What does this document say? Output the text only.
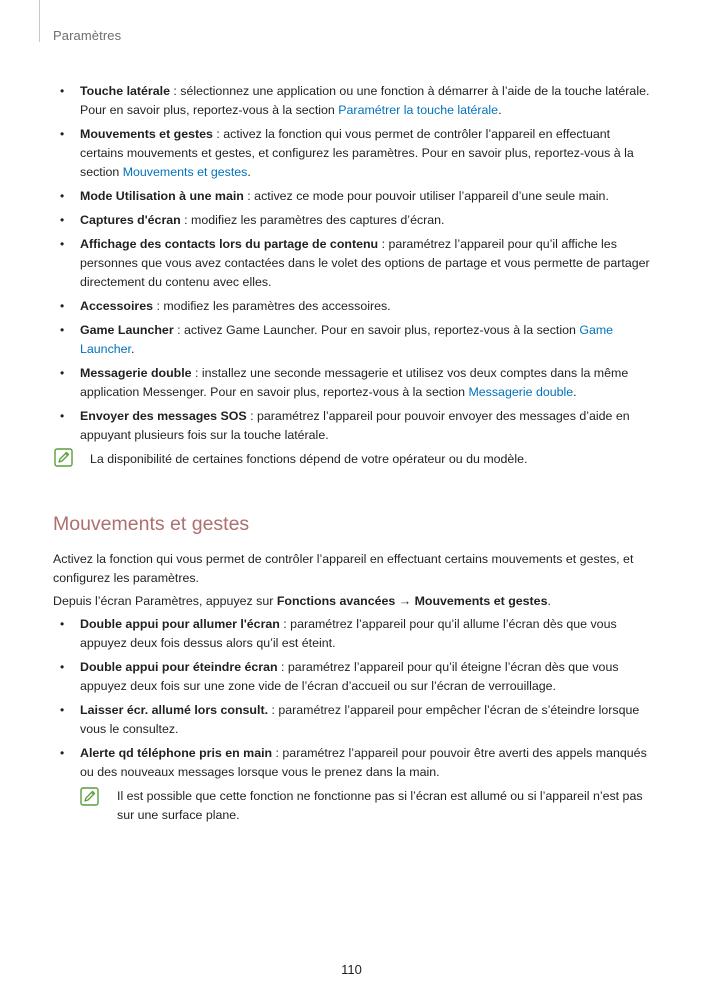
Paramètres
• Touche latérale : sélectionnez une application ou une fonction à démarrer à l’aide de la touche latérale. Pour en savoir plus, reportez-vous à la section Paramétrer la touche latérale.
• Mouvements et gestes : activez la fonction qui vous permet de contrôler l’appareil en effectuant certains mouvements et gestes, et configurez les paramètres. Pour en savoir plus, reportez-vous à la section Mouvements et gestes.
• Mode Utilisation à une main : activez ce mode pour pouvoir utiliser l’appareil d’une seule main.
• Captures d'écran : modifiez les paramètres des captures d’écran.
• Affichage des contacts lors du partage de contenu : paramétrez l’appareil pour qu’il affiche les personnes que vous avez contactées dans le volet des options de partage et vous permette de partager directement du contenu avec elles.
• Accessoires : modifiez les paramètres des accessoires.
• Game Launcher : activez Game Launcher. Pour en savoir plus, reportez-vous à la section Game Launcher.
• Messagerie double : installez une seconde messagerie et utilisez vos deux comptes dans la même application Messenger. Pour en savoir plus, reportez-vous à la section Messagerie double.
• Envoyer des messages SOS : paramétrez l’appareil pour pouvoir envoyer des messages d’aide en appuyant plusieurs fois sur la touche latérale.
La disponibilité de certaines fonctions dépend de votre opérateur ou du modèle.
Mouvements et gestes

Activez la fonction qui vous permet de contrôler l’appareil en effectuant certains mouvements et gestes, et configurez les paramètres.

Depuis l’écran Paramètres, appuyez sur Fonctions avancées → Mouvements et gestes.

• Double appui pour allumer l'écran : paramétrez l’appareil pour qu’il allume l’écran dès que vous appuyez deux fois dessus alors qu’il est éteint.
• Double appui pour éteindre écran : paramétrez l’appareil pour qu’il éteigne l’écran dès que vous appuyez deux fois sur une zone vide de l’écran d’accueil ou sur l’écran de verrouillage.
• Laisser écr. allumé lors consult. : paramétrez l’appareil pour empêcher l’écran de s’éteindre lorsque vous le consultez.
• Alerte qd téléphone pris en main : paramétrez l’appareil pour pouvoir être averti des appels manqués ou des nouveaux messages lorsque vous le prenez dans la main.
Il est possible que cette fonction ne fonctionne pas si l’écran est allumé ou si l’appareil n’est pas sur une surface plane.
110
